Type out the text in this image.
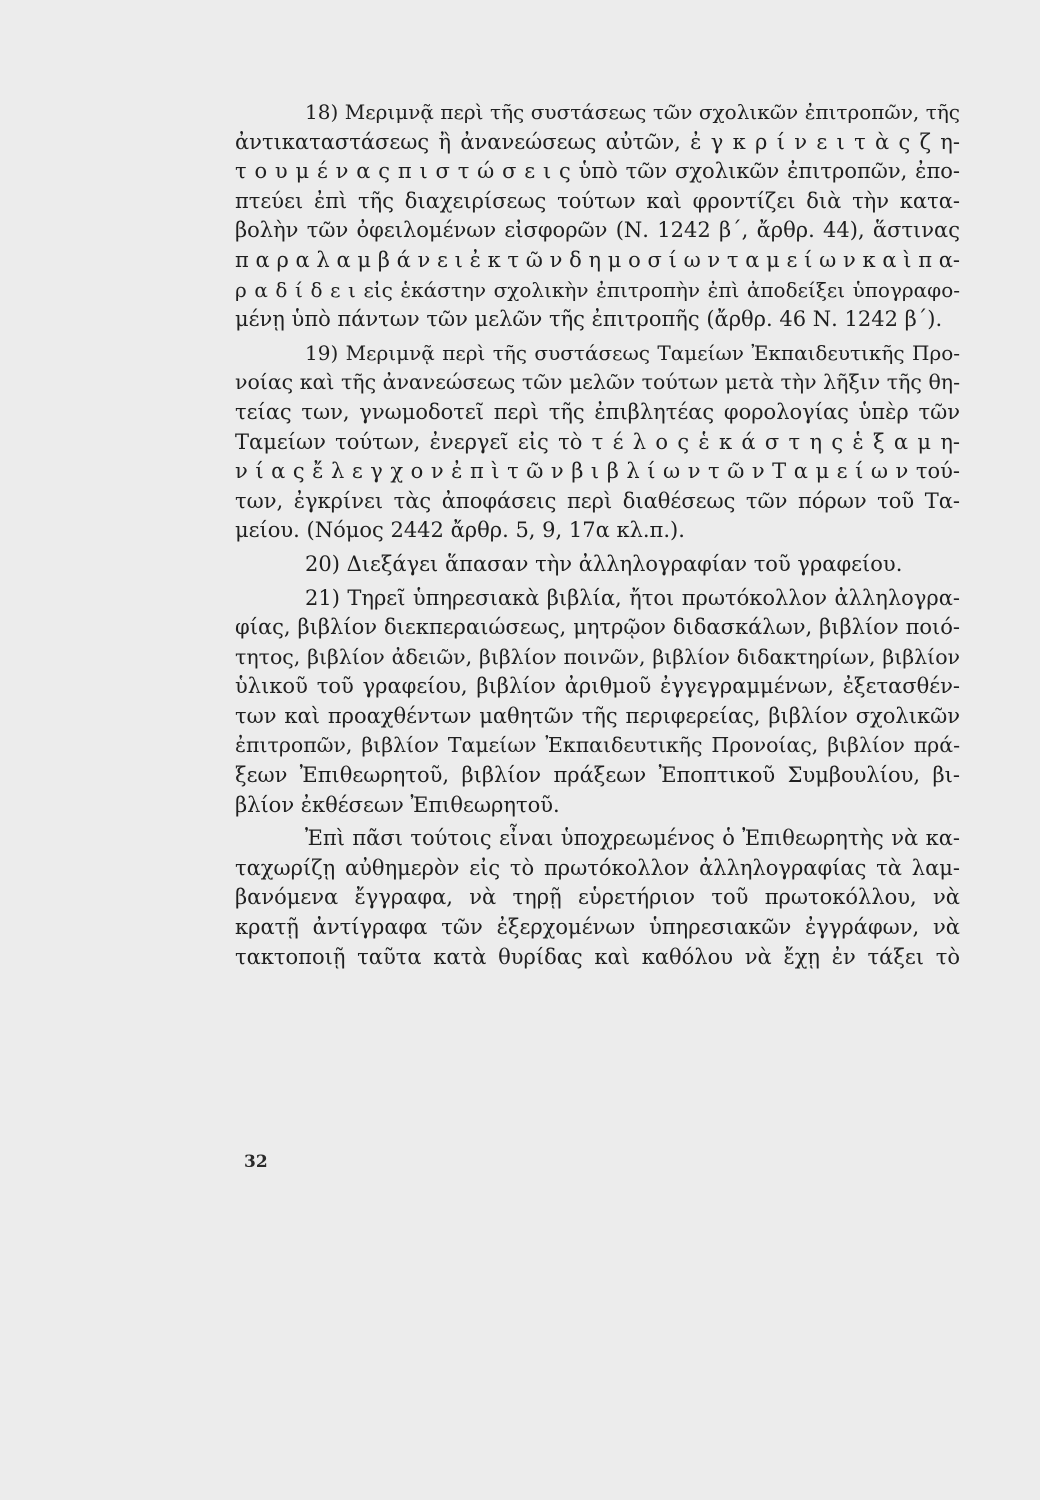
18) Μεριμνᾷ περὶ τῆς συστάσεως τῶν σχολικῶν ἐπιτροπῶν, τῆς
ἀντικαταστάσεως ἢ ἀνανεώσεως αὐτῶν, ἐ γ κ ρ ί ν ε ι τ ὰ ς ζ η-
τ ο υ μ έ ν α ς π ι σ τ ώ σ ε ι ς ὑπὸ τῶν σχολικῶν ἐπιτροπῶν, ἐπο-
πτεύει ἐπὶ τῆς διαχειρίσεως τούτων καὶ φροντίζει διὰ τὴν κατα-
βολὴν τῶν ὀφειλομένων εἰσφορῶν (Ν. 1242 β΄, ἄρθρ. 44), ἅστινας
π α ρ α λ α μ β ά ν ε ι ἐ κ τ ῶ ν δ η μ ο σ ί ω ν τ α μ ε ί ω ν κ α ὶ π α-
ρ α δ ί δ ε ι εἰς ἑκάστην σχολικὴν ἐπιτροπὴν ἐπὶ ἀποδείξει ὑπογραφο-
μένῃ ὑπὸ πάντων τῶν μελῶν τῆς ἐπιτροπῆς (ἄρθρ. 46 Ν. 1242 β΄).
19) Μεριμνᾷ περὶ τῆς συστάσεως Ταμείων Ἐκπαιδευτικῆς Προ-
νοίας καὶ τῆς ἀνανεώσεως τῶν μελῶν τούτων μετὰ τὴν λῆξιν τῆς θη-
τείας των, γνωμοδοτεῖ περὶ τῆς ἐπιβλητέας φορολογίας ὑπὲρ τῶν
Ταμείων τούτων, ἐνεργεῖ εἰς τὸ τ έ λ ο ς ἑ κ ά σ τ η ς ἑ ξ α μ η-
ν ί α ς ἔ λ ε γ χ ο ν ἐ π ὶ τ ῶ ν β ι β λ ί ω ν τ ῶ ν Τ α μ ε ί ω ν τού-
των, ἐγκρίνει τὰς ἀποφάσεις περὶ διαθέσεως τῶν πόρων τοῦ Τα-
μείου. (Νόμος 2442 ἄρθρ. 5, 9, 17α κλ.π.).
20) Διεξάγει ἅπασαν τὴν ἀλληλογραφίαν τοῦ γραφείου.
21) Τηρεῖ ὑπηρεσιακὰ βιβλία, ἤτοι πρωτόκολλον ἀλληλογρα-
φίας, βιβλίον διεκπεραιώσεως, μητρῷον διδασκάλων, βιβλίον ποιό-
τητος, βιβλίον ἀδειῶν, βιβλίον ποινῶν, βιβλίον διδακτηρίων, βιβλίον
ὑλικοῦ τοῦ γραφείου, βιβλίον ἀριθμοῦ ἐγγεγραμμένων, ἐξετασθέν-
των καὶ προαχθέντων μαθητῶν τῆς περιφερείας, βιβλίον σχολικῶν
ἐπιτροπῶν, βιβλίον Ταμείων Ἐκπαιδευτικῆς Προνοίας, βιβλίον πρά-
ξεων Ἐπιθεωρητοῦ, βιβλίον πράξεων Ἐποπτικοῦ Συμβουλίου, βι-
βλίον ἐκθέσεων Ἐπιθεωρητοῦ.
Ἐπὶ πᾶσι τούτοις εἶναι ὑποχρεωμένος ὁ Ἐπιθεωρητὴς νὰ κα-
ταχωρίζῃ αὐθημερὸν εἰς τὸ πρωτόκολλον ἀλληλογραφίας τὰ λαμ-
βανόμενα ἔγγραφα, νὰ τηρῇ εὑρετήριον τοῦ πρωτοκόλλου, νὰ
κρατῇ ἀντίγραφα τῶν ἐξερχομένων ὑπηρεσιακῶν ἐγγράφων, νὰ
τακτοποιῇ ταῦτα κατὰ θυρίδας καὶ καθόλου νὰ ἔχῃ ἐν τάξει τὸ
32
